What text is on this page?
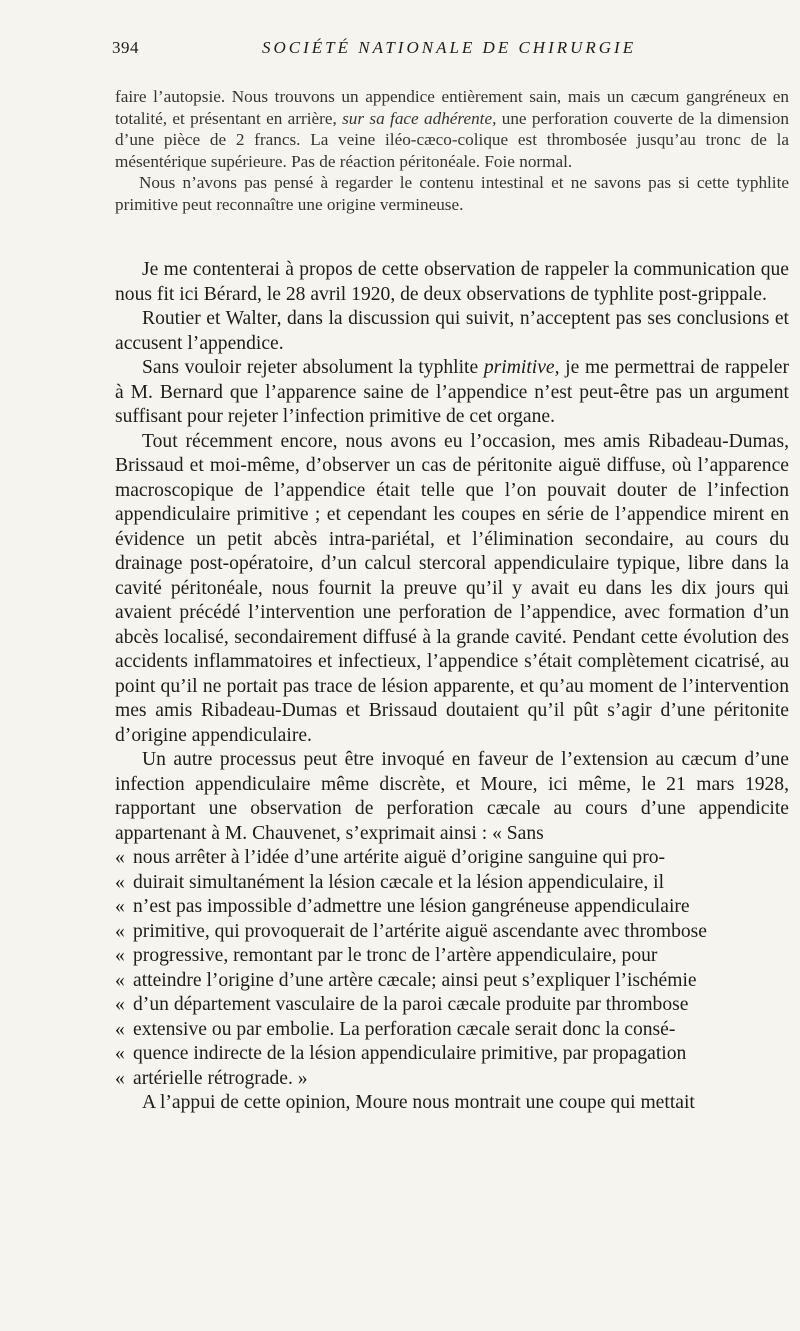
394	SOCIÉTÉ NATIONALE DE CHIRURGIE

faire l’autopsie. Nous trouvons un appendice entièrement sain, mais un cæcum gangréneux en totalité, et présentant en arrière, sur sa face adhérente, une perforation couverte de la dimension d’une pièce de 2 francs. La veine iléo-cæco-colique est thrombosée jusqu’au tronc de la mésentérique supérieure. Pas de réaction péritonéale. Foie normal.

Nous n’avons pas pensé à regarder le contenu intestinal et ne savons pas si cette typhlite primitive peut reconnaître une origine vermineuse.

Je me contenterai à propos de cette observation de rappeler la communication que nous fit ici Bérard, le 28 avril 1920, de deux observations de typhlite post-grippale.

Routier et Walter, dans la discussion qui suivit, n’acceptent pas ses conclusions et accusent l’appendice.

Sans vouloir rejeter absolument la typhlite primitive, je me permettrai de rappeler à M. Bernard que l’apparence saine de l’appendice n’est peut-être pas un argument suffisant pour rejeter l’infection primitive de cet organe.

Tout récemment encore, nous avons eu l’occasion, mes amis Ribadeau-Dumas, Brissaud et moi-même, d’observer un cas de péritonite aiguë diffuse, où l’apparence macroscopique de l’appendice était telle que l’on pouvait douter de l’infection appendiculaire primitive ; et cependant les coupes en série de l’appendice mirent en évidence un petit abcès intra-pariétal, et l’élimination secondaire, au cours du drainage post-opératoire, d’un calcul stercoral appendiculaire typique, libre dans la cavité péritonéale, nous fournit la preuve qu’il y avait eu dans les dix jours qui avaient précédé l’intervention une perforation de l’appendice, avec formation d’un abcès localisé, secondairement diffusé à la grande cavité. Pendant cette évolution des accidents inflammatoires et infectieux, l’appendice s’était complètement cicatrisé, au point qu’il ne portait pas trace de lésion apparente, et qu’au moment de l’intervention mes amis Ribadeau-Dumas et Brissaud doutaient qu’il pût s’agir d’une péritonite d’origine appendiculaire.

Un autre processus peut être invoqué en faveur de l’extension au cæcum d’une infection appendiculaire même discrète, et Moure, ici même, le 21 mars 1928, rapportant une observation de perforation cæcale au cours d’une appendicite appartenant à M. Chauvenet, s’exprimait ainsi : « Sans

« nous arrêter à l’idée d’une artérite aiguë d’origine sanguine qui pro-
« duirait simultanément la lésion cæcale et la lésion appendiculaire, il
« n’est pas impossible d’admettre une lésion gangréneuse appendiculaire
« primitive, qui provoquerait de l’artérite aiguë ascendante avec thrombose
« progressive, remontant par le tronc de l’artère appendiculaire, pour
« atteindre l’origine d’une artère cæcale; ainsi peut s’expliquer l’ischémie
« d’un département vasculaire de la paroi cæcale produite par thrombose
« extensive ou par embolie. La perforation cæcale serait donc la consé-
« quence indirecte de la lésion appendiculaire primitive, par propagation
« artérielle rétrograde. »

A l’appui de cette opinion, Moure nous montrait une coupe qui mettait
